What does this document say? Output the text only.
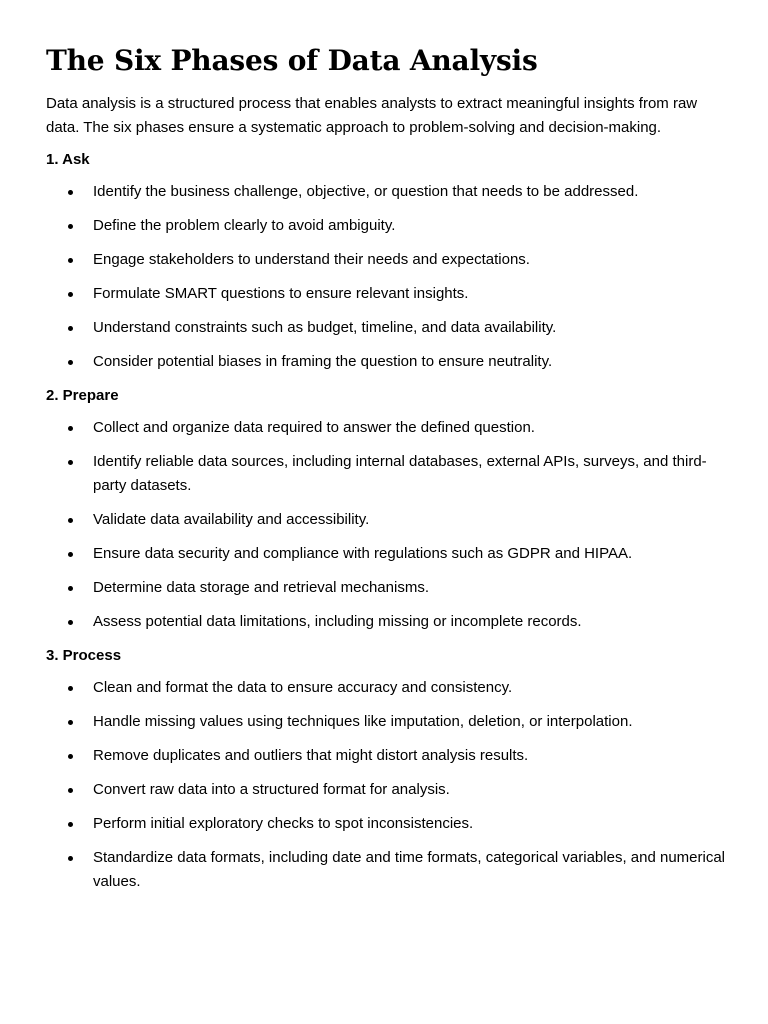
The Six Phases of Data Analysis

Data analysis is a structured process that enables analysts to extract meaningful insights from raw data. The six phases ensure a systematic approach to problem-solving and decision-making.

1. Ask
Identify the business challenge, objective, or question that needs to be addressed.
Define the problem clearly to avoid ambiguity.
Engage stakeholders to understand their needs and expectations.
Formulate SMART questions to ensure relevant insights.
Understand constraints such as budget, timeline, and data availability.
Consider potential biases in framing the question to ensure neutrality.
2. Prepare
Collect and organize data required to answer the defined question.
Identify reliable data sources, including internal databases, external APIs, surveys, and third-party datasets.
Validate data availability and accessibility.
Ensure data security and compliance with regulations such as GDPR and HIPAA.
Determine data storage and retrieval mechanisms.
Assess potential data limitations, including missing or incomplete records.
3. Process
Clean and format the data to ensure accuracy and consistency.
Handle missing values using techniques like imputation, deletion, or interpolation.
Remove duplicates and outliers that might distort analysis results.
Convert raw data into a structured format for analysis.
Perform initial exploratory checks to spot inconsistencies.
Standardize data formats, including date and time formats, categorical variables, and numerical values.
